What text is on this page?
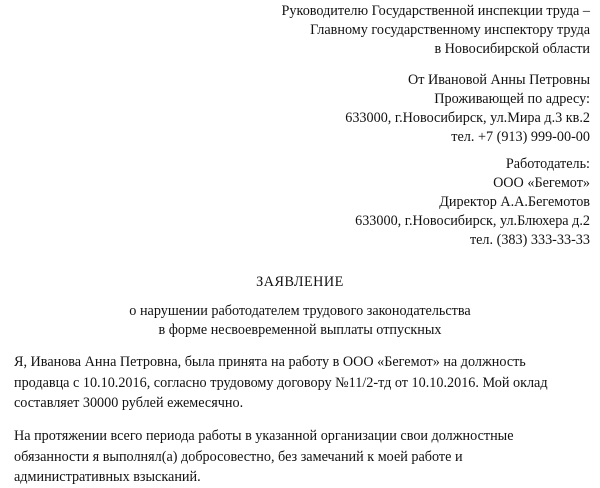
Руководителю Государственной инспекции труда –
Главному государственному инспектору труда
в Новосибирской области
От Ивановой Анны Петровны
Проживающей по адресу:
633000, г.Новосибирск, ул.Мира д.3 кв.2
тел. +7 (913) 999-00-00
Работодатель:
ООО «Бегемот»
Директор А.А.Бегемотов
633000, г.Новосибирск, ул.Блюхера д.2
тел. (383) 333-33-33
ЗАЯВЛЕНИЕ
о нарушении работодателем трудового законодательства
в форме несвоевременной выплаты отпускных
Я, Иванова Анна Петровна, была принята на работу в ООО «Бегемот» на должность
продавца с 10.10.2016, согласно трудовому договору №11/2-тд от 10.10.2016. Мой оклад
составляет 30000 рублей ежемесячно.
На протяжении всего периода работы в указанной организации свои должностные
обязанности я выполнял(а) добросовестно, без замечаний к моей работе и
административных взысканий.
